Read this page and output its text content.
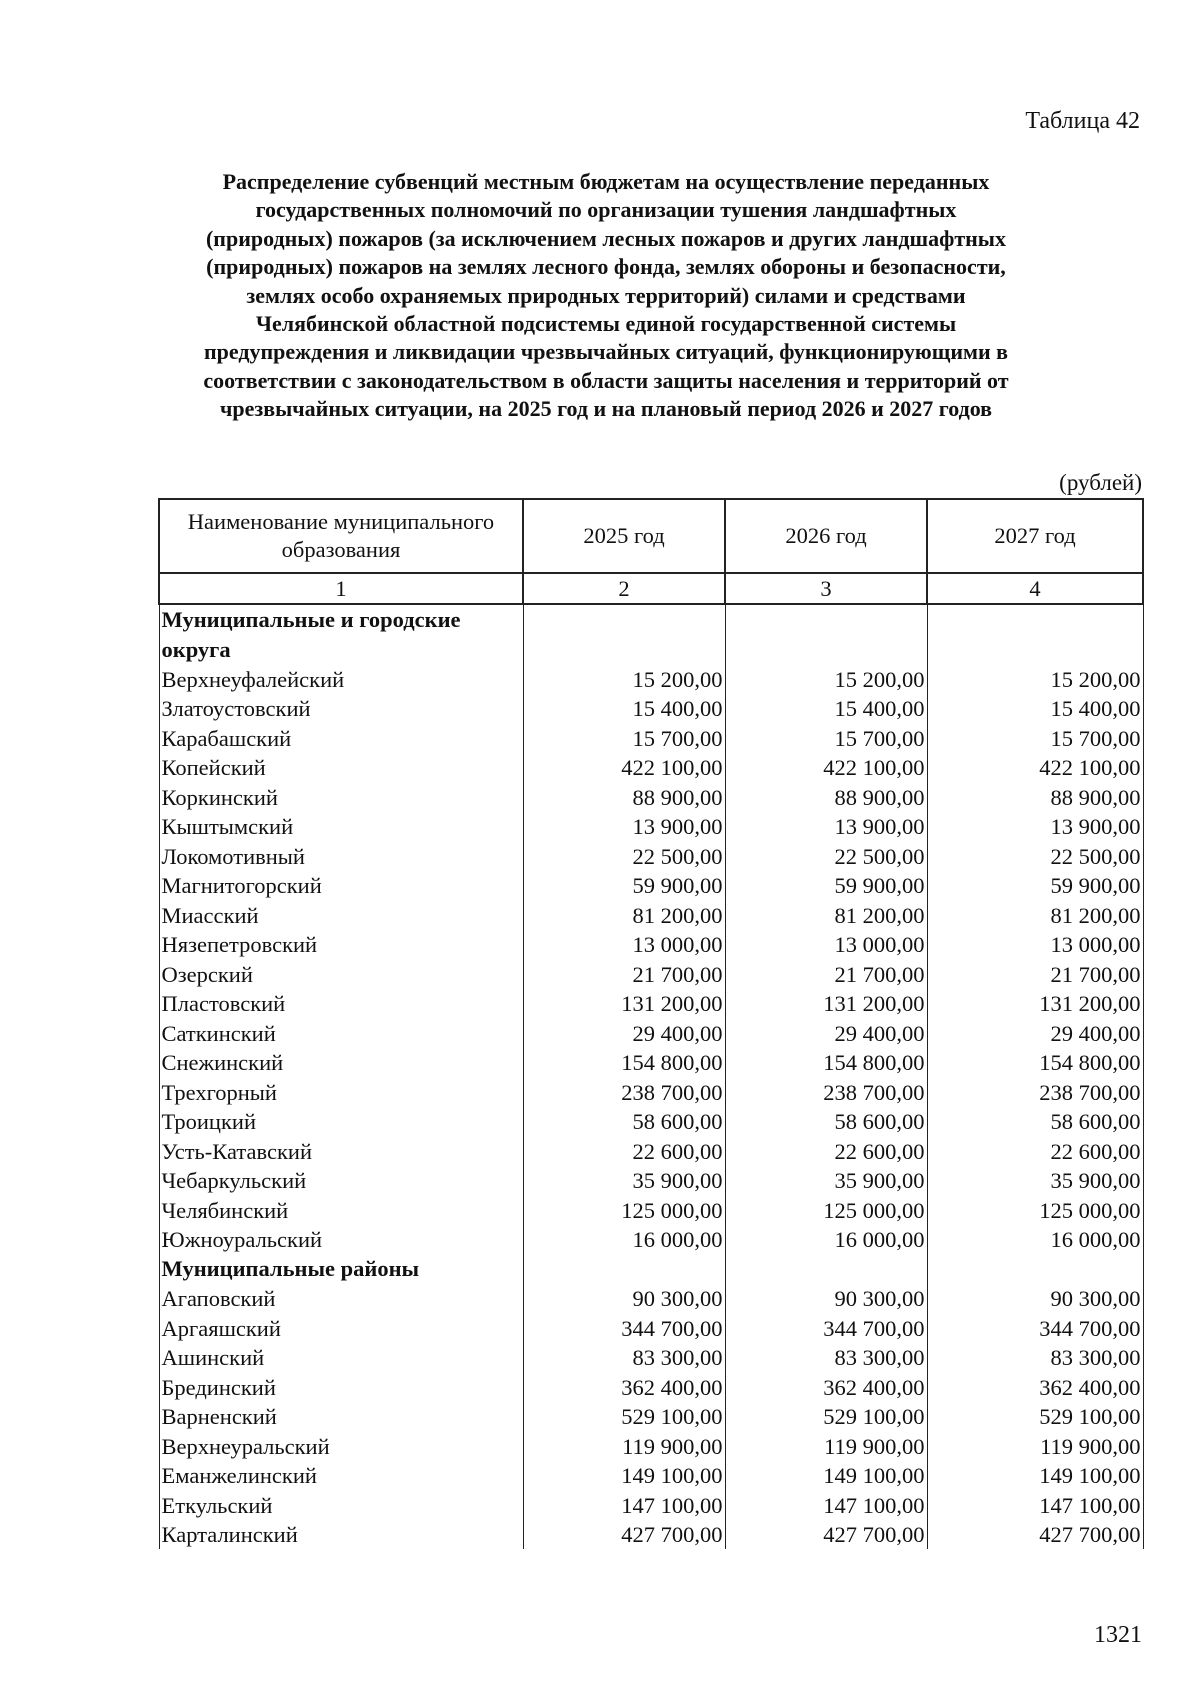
Таблица 42
Распределение субвенций местным бюджетам на осуществление переданных
государственных полномочий по организации тушения ландшафтных
(природных) пожаров (за исключением лесных пожаров и других ландшафтных
(природных) пожаров на землях лесного фонда, землях обороны и безопасности,
землях особо охраняемых природных территорий) силами и средствами
Челябинской областной подсистемы единой государственной системы
предупреждения и ликвидации чрезвычайных ситуаций, функционирующими в
соответствии с законодательством в области защиты населения и территорий от
чрезвычайных ситуации, на 2025 год и на плановый период 2026 и 2027 годов
(рублей)
Наименование муниципального образования	2025 год	2026 год	2027 год
1	2	3	4
Муниципальные и городские округа			
Верхнеуфалейский	15 200,00	15 200,00	15 200,00
Златоустовский	15 400,00	15 400,00	15 400,00
Карабашский	15 700,00	15 700,00	15 700,00
Копейский	422 100,00	422 100,00	422 100,00
Коркинский	88 900,00	88 900,00	88 900,00
Кыштымский	13 900,00	13 900,00	13 900,00
Локомотивный	22 500,00	22 500,00	22 500,00
Магнитогорский	59 900,00	59 900,00	59 900,00
Миасский	81 200,00	81 200,00	81 200,00
Нязепетровский	13 000,00	13 000,00	13 000,00
Озерский	21 700,00	21 700,00	21 700,00
Пластовский	131 200,00	131 200,00	131 200,00
Саткинский	29 400,00	29 400,00	29 400,00
Снежинский	154 800,00	154 800,00	154 800,00
Трехгорный	238 700,00	238 700,00	238 700,00
Троицкий	58 600,00	58 600,00	58 600,00
Усть-Катавский	22 600,00	22 600,00	22 600,00
Чебаркульский	35 900,00	35 900,00	35 900,00
Челябинский	125 000,00	125 000,00	125 000,00
Южноуральский	16 000,00	16 000,00	16 000,00
Муниципальные районы			
Агаповский	90 300,00	90 300,00	90 300,00
Аргаяшский	344 700,00	344 700,00	344 700,00
Ашинский	83 300,00	83 300,00	83 300,00
Брединский	362 400,00	362 400,00	362 400,00
Варненский	529 100,00	529 100,00	529 100,00
Верхнеуральский	119 900,00	119 900,00	119 900,00
Еманжелинский	149 100,00	149 100,00	149 100,00
Еткульский	147 100,00	147 100,00	147 100,00
Карталинский	427 700,00	427 700,00	427 700,00
1321
